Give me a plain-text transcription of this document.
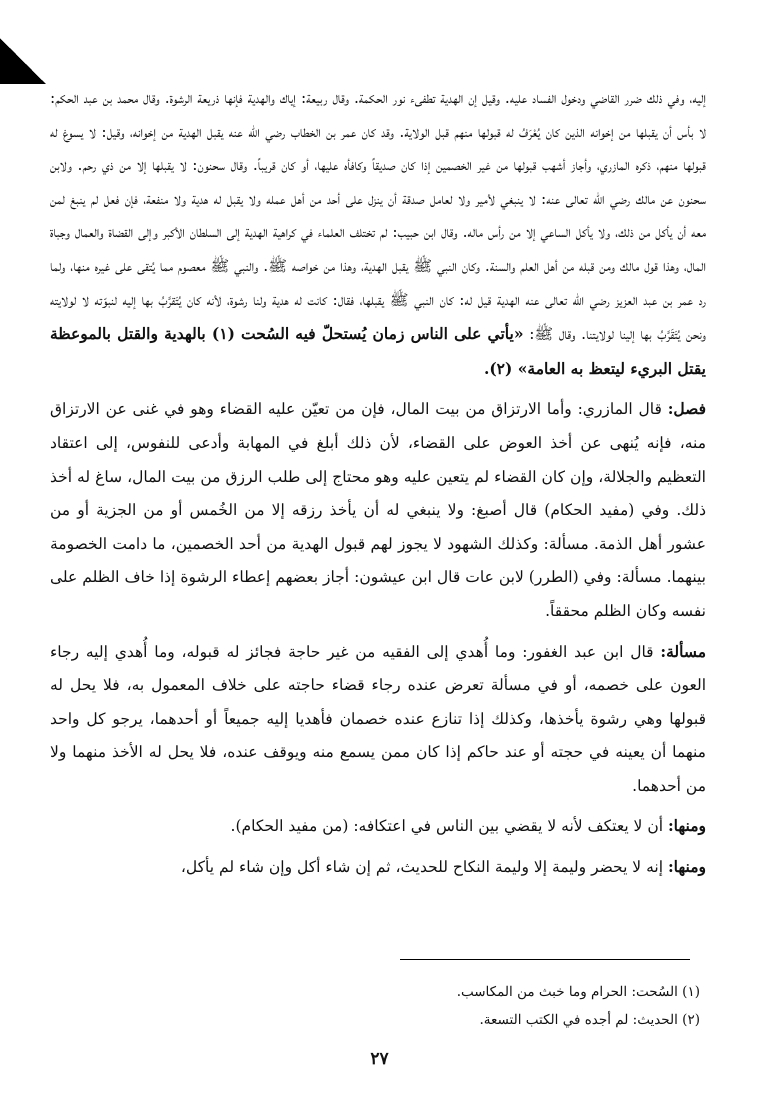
إليه، وفي ذلك ضرر القاضي ودخول الفساد عليه. وقيل إن الهدية تطفىء نور الحكمة. وقال ربيعة: إياك والهدية فإنها ذريعة الرشوة. وقال محمد بن عبد الحكم: لا بأس أن يقبلها من إخوانه الذين كان يُعْرَفُ له قبولها منهم قبل الولاية. وقد كان عمر بن الخطاب رضي الله عنه يقبل الهدية من إخوانه، وقيل: لا يسوغ له قبولها منهم، ذكره المازري، وأجاز أشهب قبولها من غير الخصمين إذا كان صديقاً وكافأه عليها، أو كان قريباً. وقال سحنون: لا يقبلها إلا من ذي رحم. ولابن سحنون عن مالك رضي الله تعالى عنه: لا ينبغي لأمير ولا لعامل صدقة أن ينزل على أحد من أهل عمله ولا يقبل له هدية ولا منفعة، فإن فعل لم ينبغ لمن معه أن يأكل من ذلك، ولا يأكل الساعي إلا من رأس ماله. وقال ابن حبيب: لم تختلف العلماء في كراهية الهدية إلى السلطان الأكبر وإلى القضاة والعمال وجباة المال، وهذا قول مالك ومن قبله من أهل العلم والسنة. وكان النبي ﷺ يقبل الهدية، وهذا من خواصه ﷺ. والنبي ﷺ معصوم مما يُتقى على غيره منها، ولما رد عمر بن عبد العزيز رضي الله تعالى عنه الهدية قيل له: كان النبي ﷺ يقبلها، فقال: كانت له هدية ولنا رشوة، لأنه كان يُتَقرَّبُ بها إليه لنبوّته لا لولايته ونحن يُتَقَرَّبُ بها إلينا لولايتنا. وقال ﷺ: «يأتي على الناس زمان يُستحلّ فيه السُحت (١) بالهدية والقتل بالموعظة يقتل البريء ليتعظ به العامة» (٢).

فصل: قال المازري: وأما الارتزاق من بيت المال، فإن من تعيّن عليه القضاء وهو في غنى عن الارتزاق منه، فإنه يُنهى عن أخذ العوض على القضاء، لأن ذلك أبلغ في المهابة وأدعى للنفوس، إلى اعتقاد التعظيم والجلالة، وإن كان القضاء لم يتعين عليه وهو محتاج إلى طلب الرزق من بيت المال، ساغ له أخذ ذلك. وفي (مفيد الحكام) قال أصبغ: ولا ينبغي له أن يأخذ رزقه إلا من الخُمس أو من الجزية أو من عشور أهل الذمة. مسألة: وكذلك الشهود لا يجوز لهم قبول الهدية من أحد الخصمين، ما دامت الخصومة بينهما. مسألة: وفي (الطرر) لابن عات قال ابن عيشون: أجاز بعضهم إعطاء الرشوة إذا خاف الظلم على نفسه وكان الظلم محققاً.

مسألة: قال ابن عبد الغفور: وما أُهدي إلى الفقيه من غير حاجة فجائز له قبوله، وما أُهدي إليه رجاء العون على خصمه، أو في مسألة تعرض عنده رجاء قضاء حاجته على خلاف المعمول به، فلا يحل له قبولها وهي رشوة يأخذها، وكذلك إذا تنازع عنده خصمان فأهديا إليه جميعاً أو أحدهما، يرجو كل واحد منهما أن يعينه في حجته أو عند حاكم إذا كان ممن يسمع منه ويوقف عنده، فلا يحل له الأخذ منهما ولا من أحدهما.

ومنها: أن لا يعتكف لأنه لا يقضي بين الناس في اعتكافه: (من مفيد الحكام).

ومنها: إنه لا يحضر وليمة إلا وليمة النكاح للحديث، ثم إن شاء أكل وإن شاء لم يأكل،

(١) السُحت: الحرام وما خبث من المكاسب.

(٢) الحديث: لم أجده في الكتب التسعة.

٢٧
